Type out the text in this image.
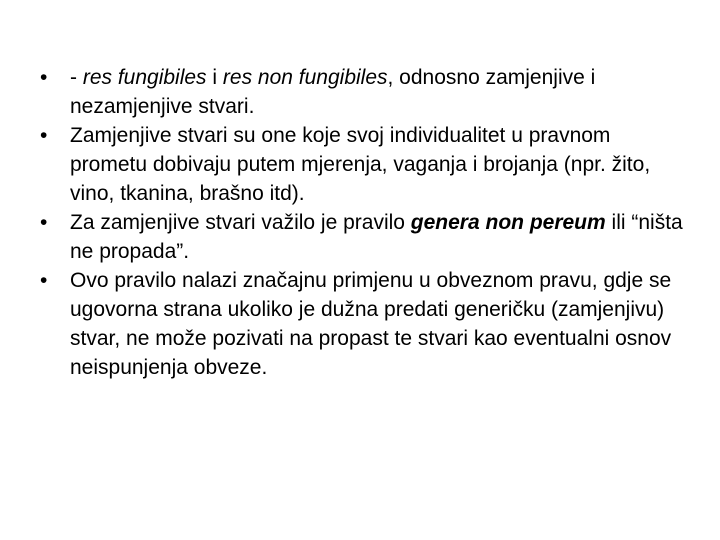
•	- res fungibiles i res non fungibiles, odnosno zamjenjive i nezamjenjive stvari.
•	Zamjenjive stvari su one koje svoj individualitet u pravnom prometu dobivaju putem mjerenja, vaganja i brojanja (npr. žito, vino, tkanina, brašno itd).
•	Za zamjenjive stvari važilo je pravilo genera non pereum ili “ništa ne propada”.
•	Ovo pravilo nalazi značajnu primjenu u obveznom pravu, gdje se ugovorna strana ukoliko je dužna predati generičku (zamjenjivu) stvar, ne može pozivati na propast te stvari kao eventualni osnov neispunjenja obveze.
